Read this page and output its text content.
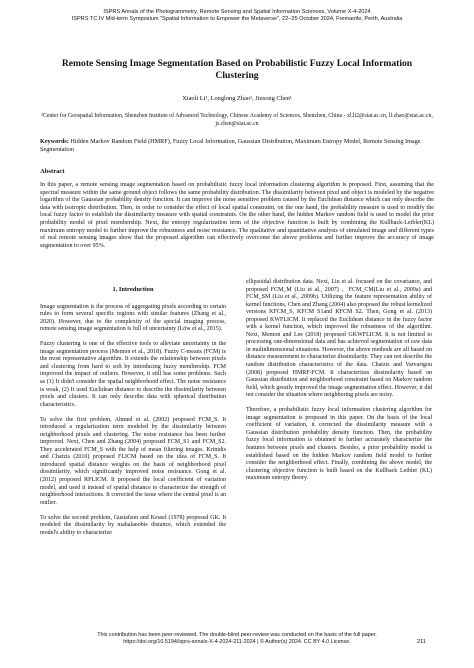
ISPRS Annals of the Photogrammetry, Remote Sensing and Spatial Information Sciences, Volume X-4-2024
ISPRS TC IV Mid-term Symposium “Spatial Information to Empower the Metaverse”, 22–25 October 2024, Fremantle, Perth, Australia
Remote Sensing Image Segmentation Based on Probabilistic Fuzzy Local Information Clustering
Xiaoli Li¹, Longlong Zhao¹, Jinsong Chen¹
¹Center for Geospatial Information, Shenzhen Institute of Advanced Technology, Chinese Academy of Sciences, Shenzhen, China - xl.li2@siat.ac.cn, ll.zhao@siat.ac.cn, js.chen@siat.ac.cn
Keywords: Hidden Markov Random Field (HMRF), Fuzzy Local Information, Gaussian Distribution, Maximum Entropy Model, Remote Sensing Image Segmentation
Abstract
In this paper, a remote sensing image segmentation based on probabilistic fuzzy local information clustering algorithm is proposed. First, assuming that the spectral measure within the same ground object follows the same probability distribution. The dissimilarity between pixel and object is modeled by the negative logarithm of the Gaussian probability density function. It can improve the noise sensitive problem caused by the Euclidean distance which can only describe the data with isotropic distribution. Then, in order to consider the effect of local spatial constraint, on the one hand, the probability measure is used to modify the local fuzzy factor to establish the dissimilarity measure with spatial constraints. On the other hand, the hidden Markov random field is used to model the prior probability model of pixel membership. Next, the entropy regularization term of the objective function is built by combining the Kullback-Leibler(KL) maximum entropy model to further improve the robustness and noise resistance. The qualitative and quantitative analysis of simulated image and different types of real remote sensing images show that the proposed algorithm can effectively overcome the above problems and further improve the accuracy of image segmentation to over 95%.
1. Introduction

Image segmentation is the process of aggregating pixels according to certain rules to form several specific regions with similar features (Zhang et al., 2020). However, due to the complexity of the special imaging process, remote sensing image segmentation is full of uncertainty (Löw et al., 2015).

Fuzzy clustering is one of the effective tools to alleviate uncertainty in the image segmentation process (Memon et al., 2018). Fuzzy C-means (FCM) is the most representative algorithm. It extends the relationship between pixels and clustering from hard to soft by introducing fuzzy membership. FCM improved the impact of outliers. However, it still has some problems. Such as (1) It didn't consider the spatial neighborhood effect. The noise resistance is weak, (2) It used Euclidean distance to describe the dissimilarity between pixels and clusters. It can only describe data with spherical distribution characteristics.

To solve the first problem, Ahmed et al. (2002) proposed FCM_S. It introduced a regularization term modeled by the dissimilarity between neighborhood pixels and clustering. The noise resistance has been further improved. Next, Chen and Zhang (2004) proposed FCM_S1 and FCM_S2. They accelerated FCM_S with the help of mean filtering images. Krinidis and Chatzis (2010) proposed FLICM based on the idea of FCM_S. It introduced spatial distance weights on the basis of neighborhood pixel dissimilarity, which significantly improved noise resistance. Gong et al. (2012) proposed RFLICM. It proposed the local coefficient of variation model, and used it instead of spatial distance to characterize the strength of neighborhood interactions. It corrected the issue where the central pixel is an outlier.

To solve the second problem, Gustafson and Kessel (1978) proposed GK. It modeled the dissimilarity by mahalanobis distance, which extended the model's ability to characterize

ellipsoidal distribution data. Next, Liu et al. focused on the covariance, and proposed FCM_M (Liu et al., 2007) 、FCM_CM(Liu et al., 2009a) and FCM_SM (Liu et al., 2009b). Utilizing the feature representation ability of kernel functions, Chen and Zhang (2004) also proposed the robust kernelized versions KFCM_S, KFCM S1and KFCM S2. Then, Gong et al. (2013) proposed KWFLICM. It replaced the Euclidean distance in the fuzzy factor with a kernel function, which improved the robustness of the algorithm. Next, Memon and Lee (2018) proposed GKWFLICM. It is not limited to processing one-dimensional data and has achieved segmentation of raw data in multidimensional situations. However, the above methods are all based on distance measurement to characterize dissimilarity. They can not describe the random distribution characteristics of the data. Chatzis and Varvarigou (2008) proposed HMRF-FCM. It characterizes dissimilarity based on Gaussian distribution and neighborhood constraint based on Markov random field, which greatly improved the image segmentation effect. However, it did not consider the situation where neighboring pixels are noisy.

Therefore, a probabilistic fuzzy local information clustering algorithm for image segmentation is proposed in this paper. On the basis of the local coefficient of variation, it corrected the dissimilarity measure with a Gaussian distribution probability density function. Then, the probability fuzzy local information is obtained to further accurately characterize the features between pixels and clusters. Besides, a prior probability model is established based on the hidden Markov random field model to further consider the neighborhood effect. Finally, combining the above model, the clustering objective function is built based on the Kullback Leibler (KL) maximum entropy theory.

This contribution has been peer-reviewed. The double-blind peer-review was conducted on the basis of the full paper.
https://doi.org/10.5194/isprs-annals-X-4-2024-211-2024 | © Author(s) 2024. CC BY 4.0 License.	211
